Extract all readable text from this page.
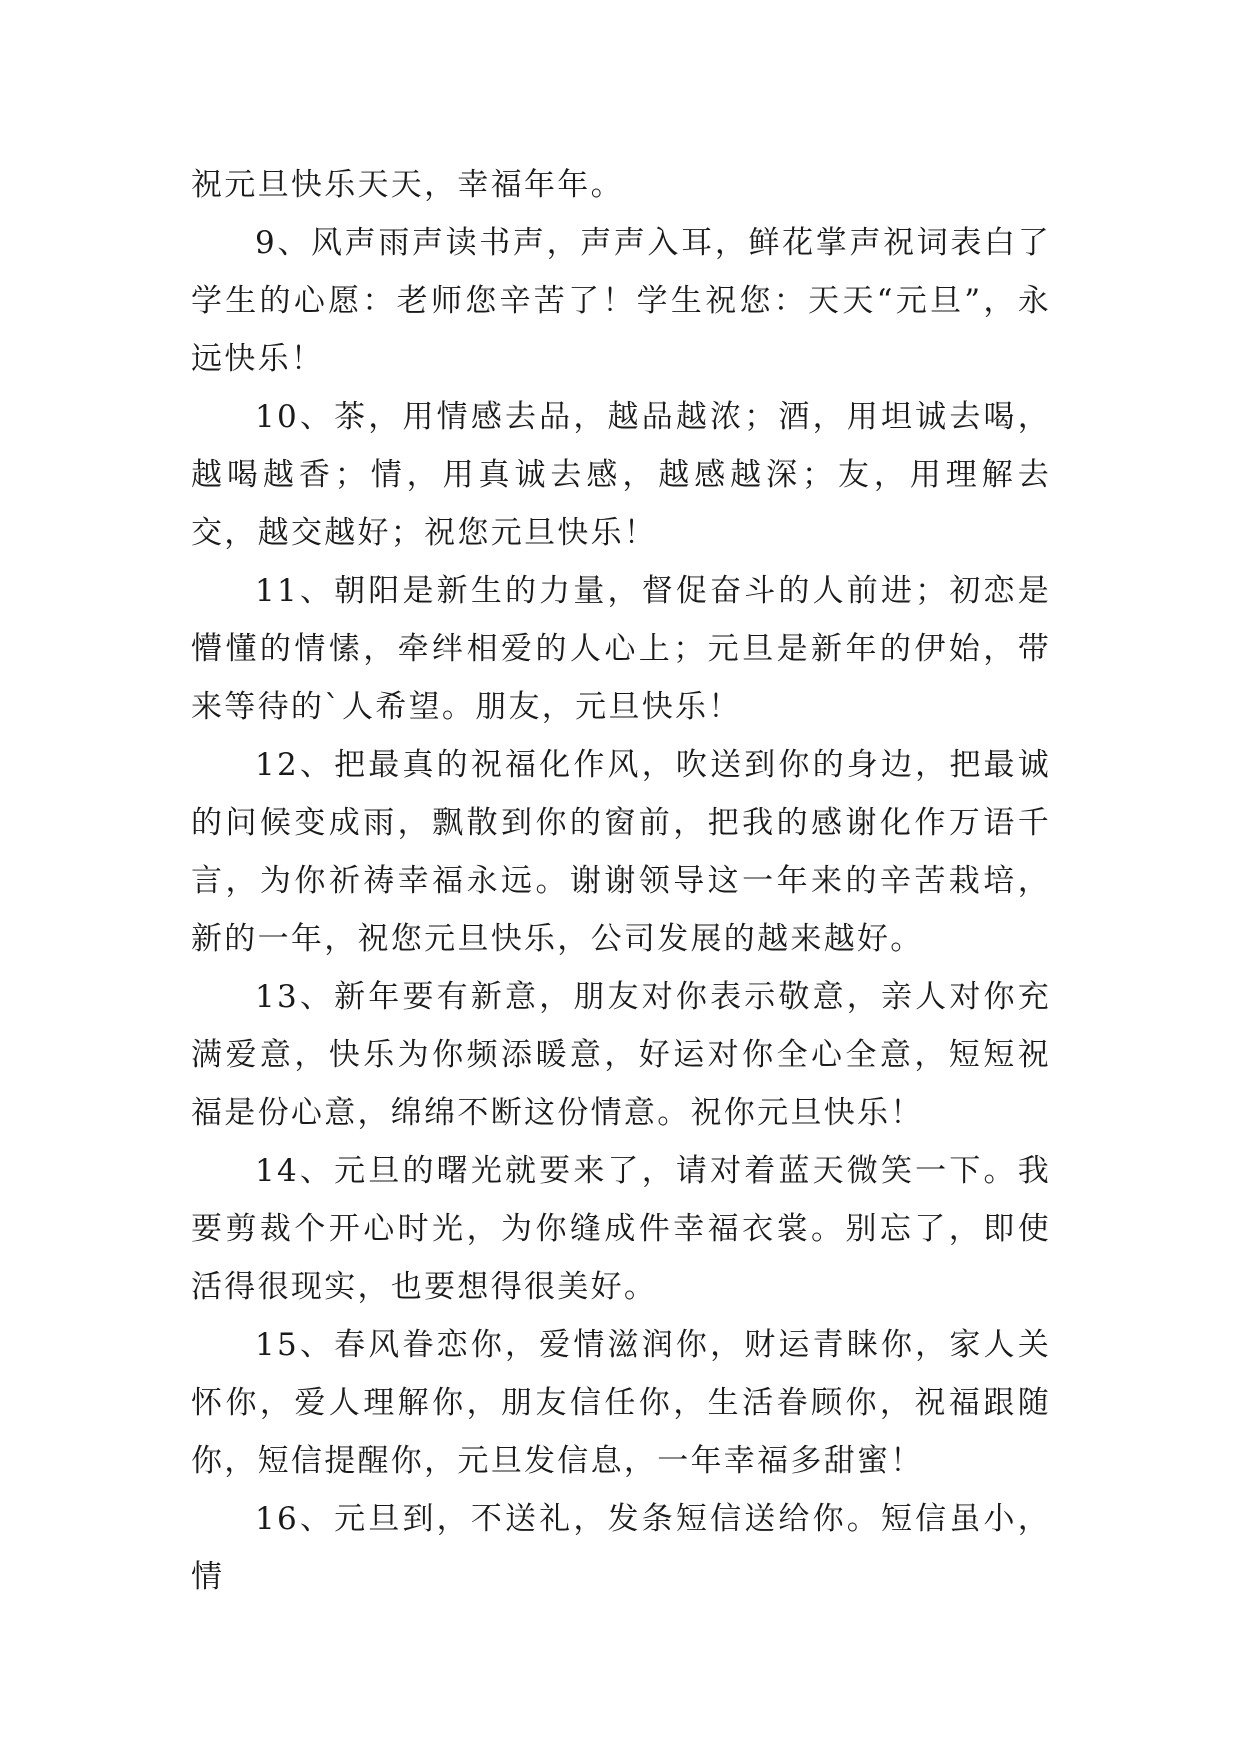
祝元旦快乐天天，幸福年年。

9、风声雨声读书声，声声入耳，鲜花掌声祝词表白了学生的心愿：老师您辛苦了！学生祝您：天天“元旦”，永远快乐！

10、茶，用情感去品，越品越浓；酒，用坦诚去喝，越喝越香；情，用真诚去感，越感越深；友，用理解去交，越交越好；祝您元旦快乐！

11、朝阳是新生的力量，督促奋斗的人前进；初恋是懵懂的情愫，牵绊相爱的人心上；元旦是新年的伊始，带来等待的`人希望。朋友，元旦快乐！

12、把最真的祝福化作风，吹送到你的身边，把最诚的问候变成雨，飘散到你的窗前，把我的感谢化作万语千言，为你祈祷幸福永远。谢谢领导这一年来的辛苦栽培，新的一年，祝您元旦快乐，公司发展的越来越好。

13、新年要有新意，朋友对你表示敬意，亲人对你充满爱意，快乐为你频添暖意，好运对你全心全意，短短祝福是份心意，绵绵不断这份情意。祝你元旦快乐！

14、元旦的曙光就要来了，请对着蓝天微笑一下。我要剪裁个开心时光，为你缝成件幸福衣裳。别忘了，即使活得很现实，也要想得很美好。

15、春风眷恋你，爱情滋润你，财运青睐你，家人关怀你，爱人理解你，朋友信任你，生活眷顾你，祝福跟随你，短信提醒你，元旦发信息，一年幸福多甜蜜！

16、元旦到，不送礼，发条短信送给你。短信虽小，情
